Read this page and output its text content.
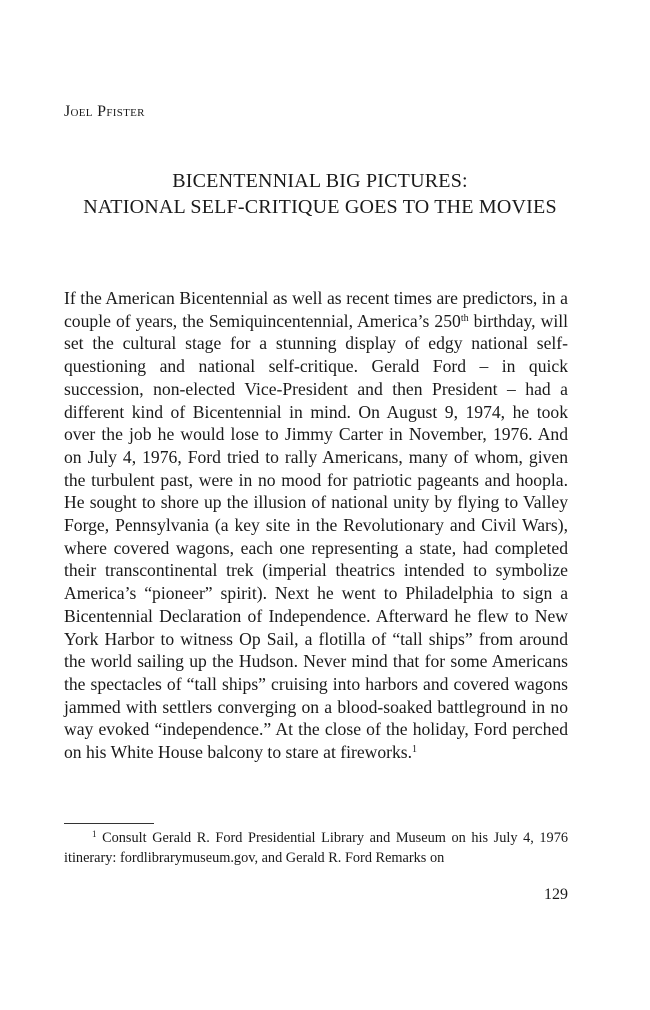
Joel Pfister
BICENTENNIAL BIG PICTURES:
NATIONAL SELF-CRITIQUE GOES TO THE MOVIES
If the American Bicentennial as well as recent times are predictors, in a couple of years, the Semiquincentennial, America’s 250th birthday, will set the cultural stage for a stunning display of edgy national self-questioning and national self-critique. Gerald Ford – in quick succession, non-elected Vice-President and then President – had a different kind of Bicentennial in mind. On August 9, 1974, he took over the job he would lose to Jimmy Carter in November, 1976. And on July 4, 1976, Ford tried to rally Americans, many of whom, given the turbulent past, were in no mood for patriotic pageants and hoopla. He sought to shore up the illusion of national unity by flying to Valley Forge, Pennsylvania (a key site in the Revolutionary and Civil Wars), where covered wagons, each one representing a state, had completed their transcontinental trek (imperial theatrics intended to symbolize America’s “pioneer” spirit). Next he went to Philadelphia to sign a Bicentennial Declaration of Independence. Afterward he flew to New York Harbor to witness Op Sail, a flotilla of “tall ships” from around the world sailing up the Hudson. Never mind that for some Americans the spectacles of “tall ships” cruising into harbors and covered wagons jammed with settlers converging on a blood-soaked battleground in no way evoked “independence.” At the close of the holiday, Ford perched on his White House balcony to stare at fireworks.$^1$
$^1$ Consult Gerald R. Ford Presidential Library and Museum on his July 4, 1976 itinerary: fordlibrarymuseum.gov, and Gerald R. Ford Remarks on
129
